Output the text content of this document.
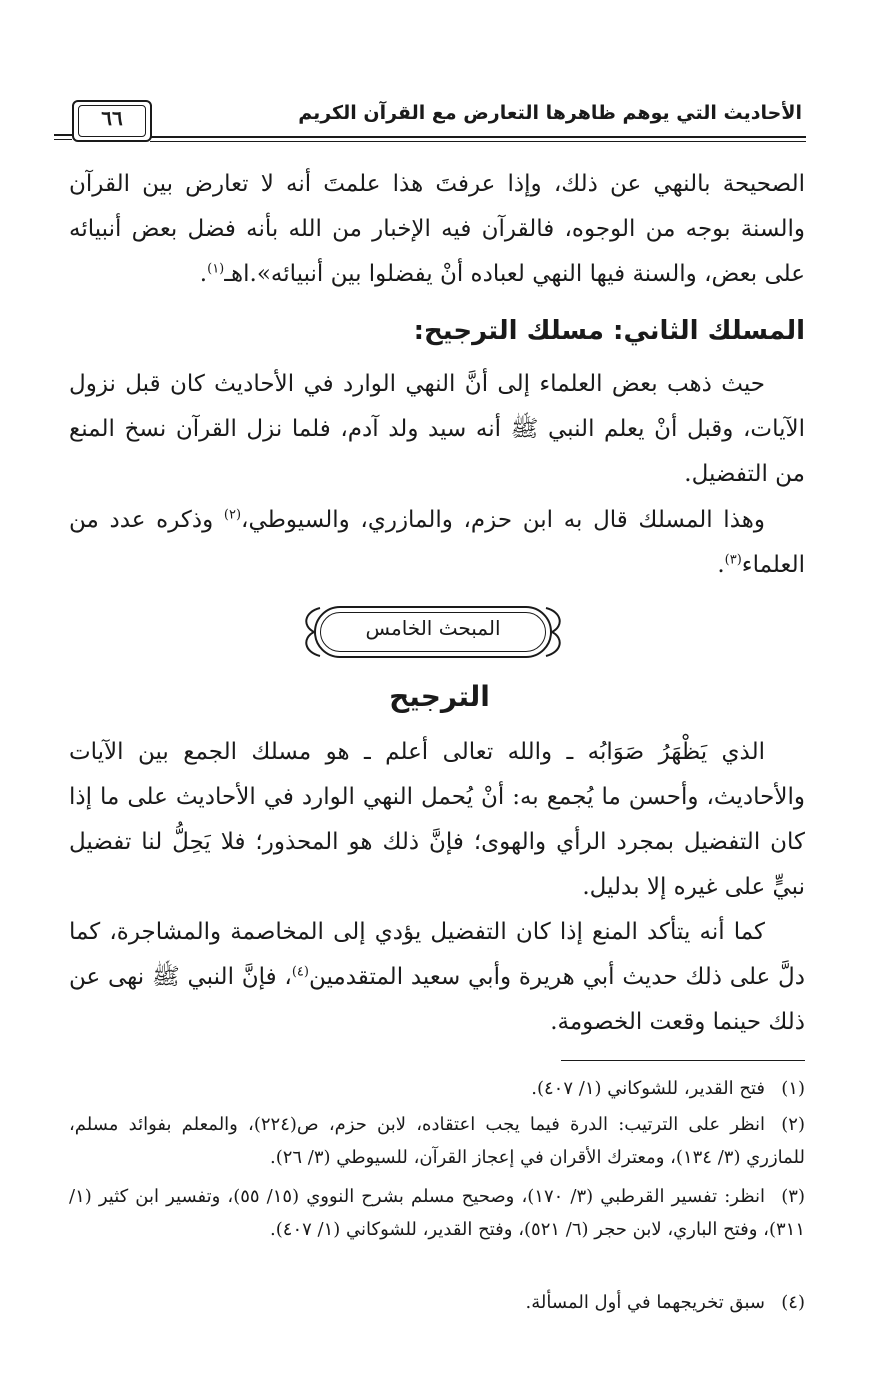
الأحاديث التي يوهم ظاهرها التعارض مع القرآن الكريم
٦٦
الصحيحة بالنهي عن ذلك، وإذا عرفتَ هذا علمتَ أنه لا تعارض بين القرآن والسنة بوجه من الوجوه، فالقرآن فيه الإخبار من الله بأنه فضل بعض أنبيائه على بعض، والسنة فيها النهي لعباده أنْ يفضلوا بين أنبيائه».اهـ$^{(١)}$.
المسلك الثاني: مسلك الترجيح:
حيث ذهب بعض العلماء إلى أنَّ النهي الوارد في الأحاديث كان قبل نزول الآيات، وقبل أنْ يعلم النبي ﷺ أنه سيد ولد آدم، فلما نزل القرآن نسخ المنع من التفضيل.
وهذا المسلك قال به ابن حزم، والمازري، والسيوطي،$^{(٢)}$ وذكره عدد من العلماء$^{(٣)}$.
المبحث الخامس
الترجيح
الذي يَظْهَرُ صَوَابُه ـ والله تعالى أعلم ـ هو مسلك الجمع بين الآيات والأحاديث، وأحسن ما يُجمع به: أنْ يُحمل النهي الوارد في الأحاديث على ما إذا كان التفضيل بمجرد الرأي والهوى؛ فإنَّ ذلك هو المحذور؛ فلا يَحِلُّ لنا تفضيل نبيٍّ على غيره إلا بدليل.
كما أنه يتأكد المنع إذا كان التفضيل يؤدي إلى المخاصمة والمشاجرة، كما دلَّ على ذلك حديث أبي هريرة وأبي سعيد المتقدمين$^{(٤)}$، فإنَّ النبي ﷺ نهى عن ذلك حينما وقعت الخصومة.
(١)فتح القدير، للشوكاني (١/ ٤٠٧).
(٢)انظر على الترتيب: الدرة فيما يجب اعتقاده، لابن حزم، ص(٢٢٤)، والمعلم بفوائد مسلم، للمازري (٣/ ١٣٤)، ومعترك الأقران في إعجاز القرآن، للسيوطي (٣/ ٢٦).
(٣)انظر: تفسير القرطبي (٣/ ١٧٠)، وصحيح مسلم بشرح النووي (١٥/ ٥٥)، وتفسير ابن كثير (١/ ٣١١)، وفتح الباري، لابن حجر (٦/ ٥٢١)، وفتح القدير، للشوكاني (١/ ٤٠٧).
(٤)سبق تخريجهما في أول المسألة.
